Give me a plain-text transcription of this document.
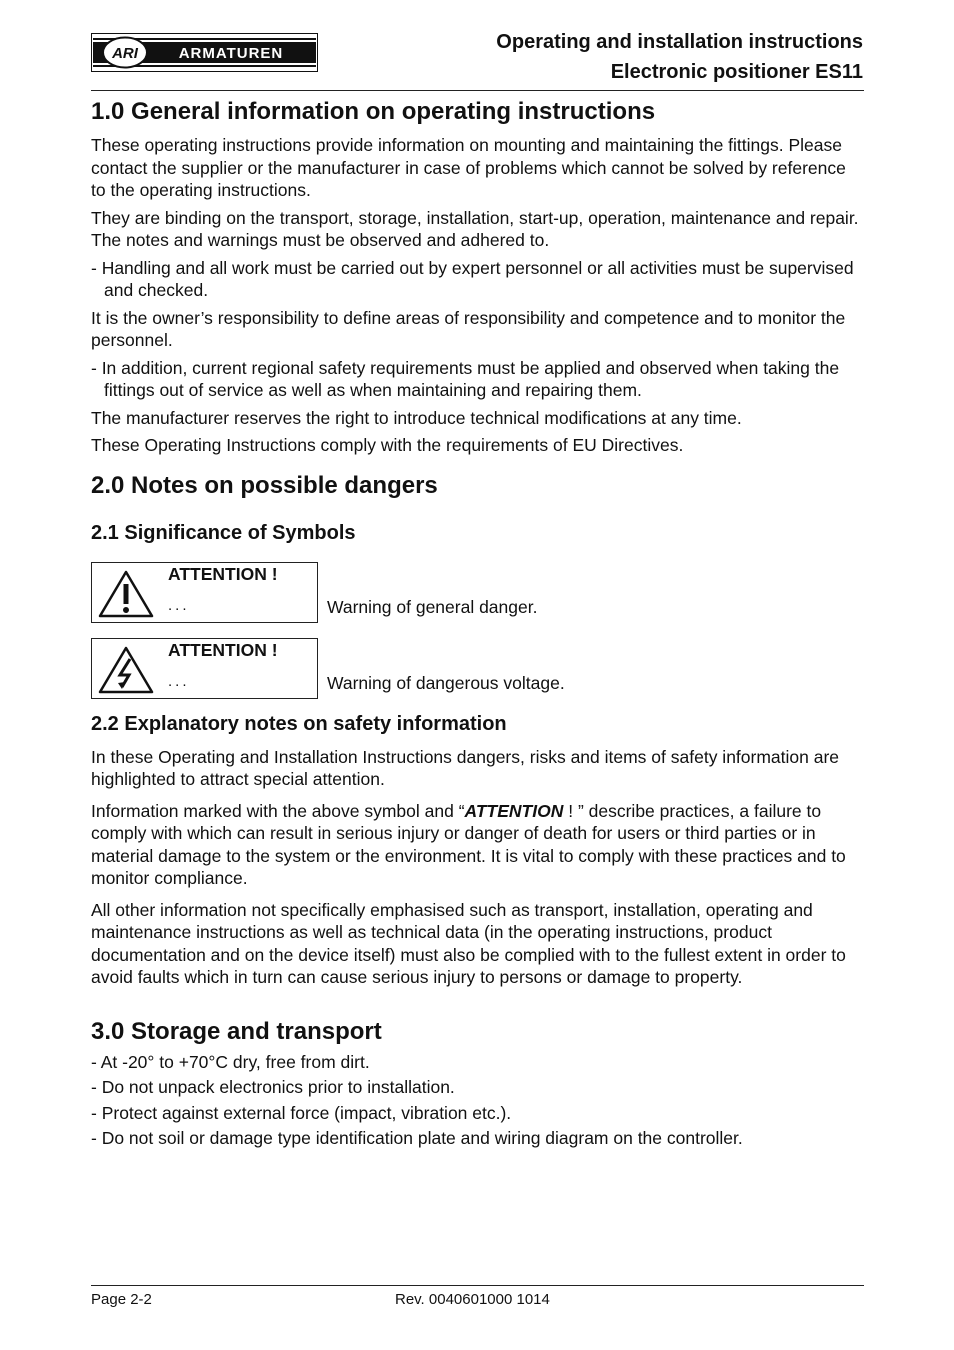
ARI	ARMATUREN
Operating and installation instructions
Electronic positioner ES11
1.0 General information on operating instructions

These operating instructions provide information on mounting and maintaining the fittings. Please contact the supplier or the manufacturer in case of problems which cannot be solved by reference to the operating instructions.

They are binding on the transport, storage, installation, start-up, operation, maintenance and repair.

The notes and warnings must be observed and adhered to.

- Handling and all work must be carried out by expert personnel or all activities must be supervised and checked.

It is the owner’s responsibility to define areas of responsibility and competence and to monitor the personnel.

- In addition, current regional safety requirements must be applied and observed when taking the fittings out of service as well as when maintaining and repairing them.

The manufacturer reserves the right to introduce technical modifications at any time.

These Operating Instructions comply with the requirements of EU Directives.

2.0 Notes on possible dangers
2.1 Significance of Symbols
ATTENTION !
...	Warning of general danger.
ATTENTION !
...	Warning of dangerous voltage.
2.2 Explanatory notes on safety information

In these Operating and Installation Instructions dangers, risks and items of safety information are highlighted to attract special attention.

Information marked with the above symbol and “ATTENTION ! ” describe practices, a failure to comply with which can result in serious injury or danger of death for users or third parties or in material damage to the system or the environment. It is vital to comply with these practices and to monitor compliance.

All other information not specifically emphasised such as transport, installation, operating and maintenance instructions as well as technical data (in the operating instructions, product documentation and on the device itself) must also be complied with to the fullest extent in order to avoid faults which in turn can cause serious injury to persons or damage to property.

3.0 Storage and transport

- At -20° to +70°C dry, free from dirt.

- Do not unpack electronics prior to installation.

- Protect against external force (impact, vibration etc.).

- Do not soil or damage type identification plate and wiring diagram on the controller.

Page 2-2	Rev. 0040601000 1014
